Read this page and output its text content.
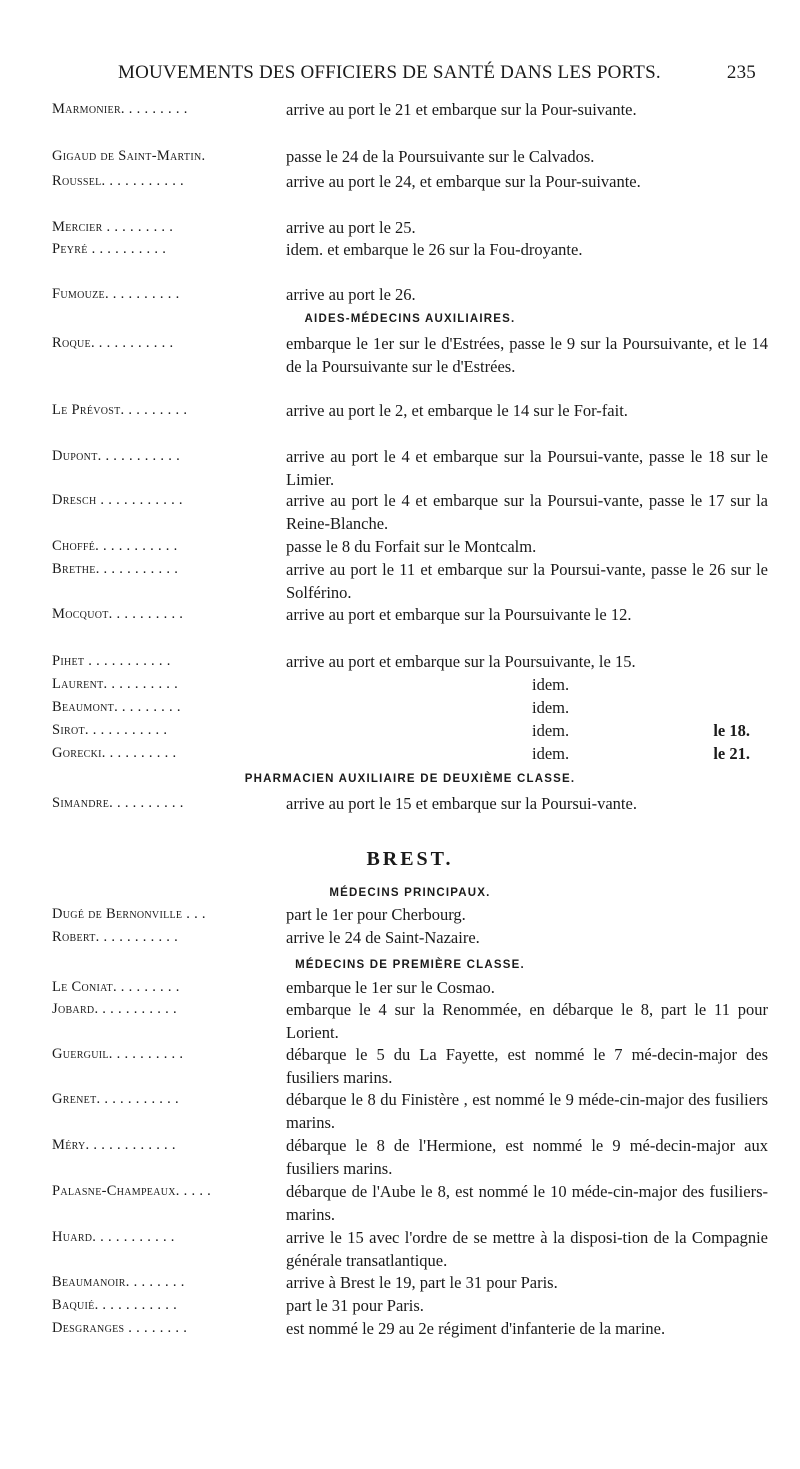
MOUVEMENTS DES OFFICIERS DE SANTÉ DANS LES PORTS.	235
Marmonier. . . . . . . . .	arrive au port le 21 et embarque sur la Pour-suivante.
Gigaud de Saint-Martin.	passe le 24 de la Poursuivante sur le Calvados.
Roussel. . . . . . . . . . .	arrive au port le 24, et embarque sur la Pour-suivante.
Mercier . . . . . . . . .	arrive au port le 25.
Peyré . . . . . . . . . .	idem. et embarque le 26 sur la Fou-droyante.
Fumouze. . . . . . . . . .	arrive au port le 26.
AIDES-MÉDECINS AUXILIAIRES.
Roque. . . . . . . . . . .	embarque le 1er sur le d'Estrées, passe le 9 sur la Poursuivante, et le 14 de la Poursuivante sur le d'Estrées.
Le Prévost. . . . . . . . .	arrive au port le 2, et embarque le 14 sur le For-fait.
Dupont. . . . . . . . . . .	arrive au port le 4 et embarque sur la Poursui-vante, passe le 18 sur le Limier.
Dresch . . . . . . . . . . .	arrive au port le 4 et embarque sur la Poursui-vante, passe le 17 sur la Reine-Blanche.
Choffé. . . . . . . . . . .	passe le 8 du Forfait sur le Montcalm.
Brethe. . . . . . . . . . .	arrive au port le 11 et embarque sur la Poursui-vante, passe le 26 sur le Solférino.
Mocquot. . . . . . . . . .	arrive au port et embarque sur la Poursuivante le 12.
Pihet . . . . . . . . . . .	arrive au port et embarque sur la Poursuivante, le 15.
Laurent. . . . . . . . . .	idem.
Beaumont. . . . . . . . .	idem.
Sirot. . . . . . . . . . .	idem.	le 18.
Gorecki. . . . . . . . . .	idem.	le 21.
PHARMACIEN AUXILIAIRE DE DEUXIÈME CLASSE.
Simandre. . . . . . . . . .	arrive au port le 15 et embarque sur la Poursui-vante.
BREST.
MÉDECINS PRINCIPAUX.
Dugé de Bernonville . . .	part le 1er pour Cherbourg.
Robert. . . . . . . . . . .	arrive le 24 de Saint-Nazaire.
MÉDECINS DE PREMIÈRE CLASSE.
Le Coniat. . . . . . . . .	embarque le 1er sur le Cosmao.
Jobard. . . . . . . . . . .	embarque le 4 sur la Renommée, en débarque le 8, part le 11 pour Lorient.
Guerguil. . . . . . . . . .	débarque le 5 du La Fayette, est nommé le 7 mé-decin-major des fusiliers marins.
Grenet. . . . . . . . . . .	débarque le 8 du Finistère , est nommé le 9 méde-cin-major des fusiliers marins.
Méry. . . . . . . . . . . .	débarque le 8 de l'Hermione, est nommé le 9 mé-decin-major aux fusiliers marins.
Palasne-Champeaux. . . . .	débarque de l'Aube le 8, est nommé le 10 méde-cin-major des fusiliers-marins.
Huard. . . . . . . . . . .	arrive le 15 avec l'ordre de se mettre à la disposi-tion de la Compagnie générale transatlantique.
Beaumanoir. . . . . . . .	arrive à Brest le 19, part le 31 pour Paris.
Baquié. . . . . . . . . . .	part le 31 pour Paris.
Desgranges . . . . . . . .	est nommé le 29 au 2e régiment d'infanterie de la marine.
